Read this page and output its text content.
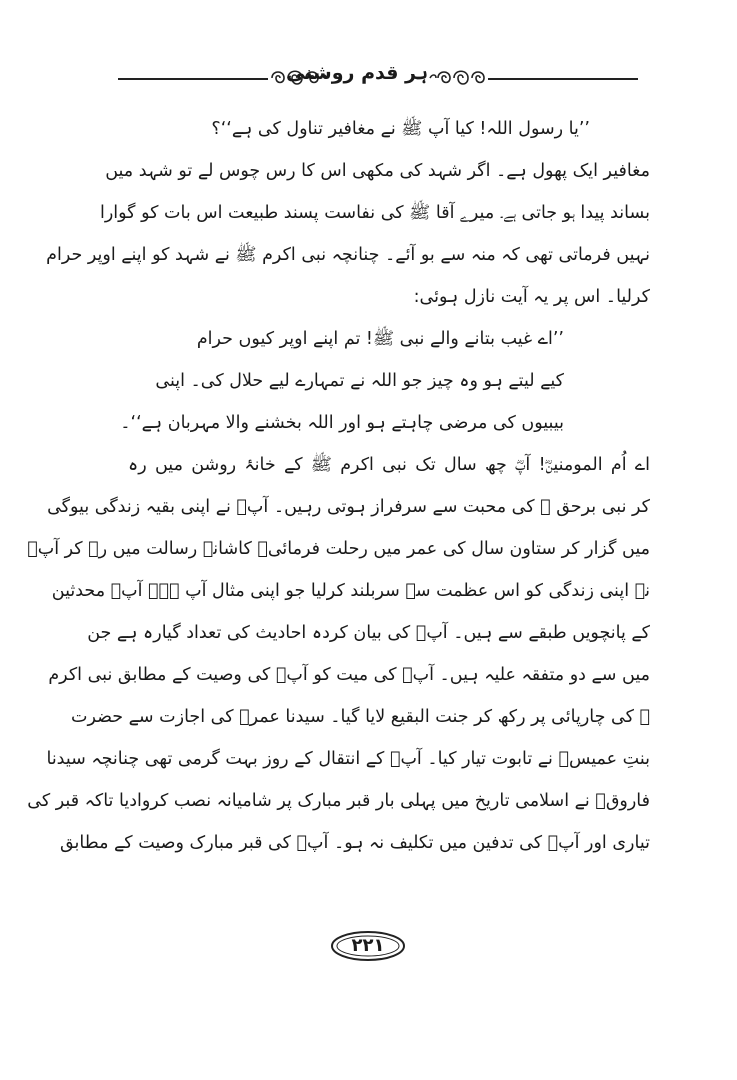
ہر قدم روشنی
’’یا رسول اللہ! کیا آپ ﷺ نے مغافیر تناول کی ہے‘‘؟
مغافیر ایک پھول ہے۔ اگر شہد کی مکھی اس کا رس چوس لے تو شہد میں
بساند پیدا ہو جاتی ہے۔ میرے آقا ﷺ کی نفاست پسند طبیعت اس بات کو گوارا
نہیں فرماتی تھی کہ منہ سے بو آئے۔ چنانچہ نبی اکرم ﷺ نے شہد کو اپنے اوپر حرام
کرلیا۔ اس پر یہ آیت نازل ہوئی:
’’اے غیب بتانے والے نبی ﷺ! تم اپنے اوپر کیوں حرام
کیے لیتے ہو وہ چیز جو اللہ نے تمہارے لیے حلال کی۔ اپنی
بیبیوں کی مرضی چاہتے ہو اور اللہ بخشنے والا مہربان ہے‘‘۔
اے اُم المومنینؓ! آپؓ چھ سال تک نبی اکرم ﷺ کے خانۂ روشن میں رہ
کر نبی برحق ﷺ کی محبت سے سرفراز ہوتی رہیں۔ آپؓ نے اپنی بقیہ زندگی بیوگی
میں گزار کر ستاون سال کی عمر میں رحلت فرمائی۔ کاشانۂ رسالت میں رہ کر آپؓ
نے اپنی زندگی کو اس عظمت سے سربلند کرلیا جو اپنی مثال آپ ہے۔ آپؓ محدثین
کے پانچویں طبقے سے ہیں۔ آپؓ کی بیان کردہ احادیث کی تعداد گیارہ ہے جن
میں سے دو متفقہ علیہ ہیں۔ آپؓ کی میت کو آپؓ کی وصیت کے مطابق نبی اکرم
ﷺ کی چارپائی پر رکھ کر جنت البقیع لایا گیا۔ سیدنا عمرؓ کی اجازت سے حضرت
بنتِ عمیسؓ نے تابوت تیار کیا۔ آپؓ کے انتقال کے روز بہت گرمی تھی چنانچہ سیدنا
فاروقؓ نے اسلامی تاریخ میں پہلی بار قبر مبارک پر شامیانہ نصب کروادیا تاکہ قبر کی
تیاری اور آپؓ کی تدفین میں تکلیف نہ ہو۔ آپؓ کی قبر مبارک وصیت کے مطابق
۲۲۱
